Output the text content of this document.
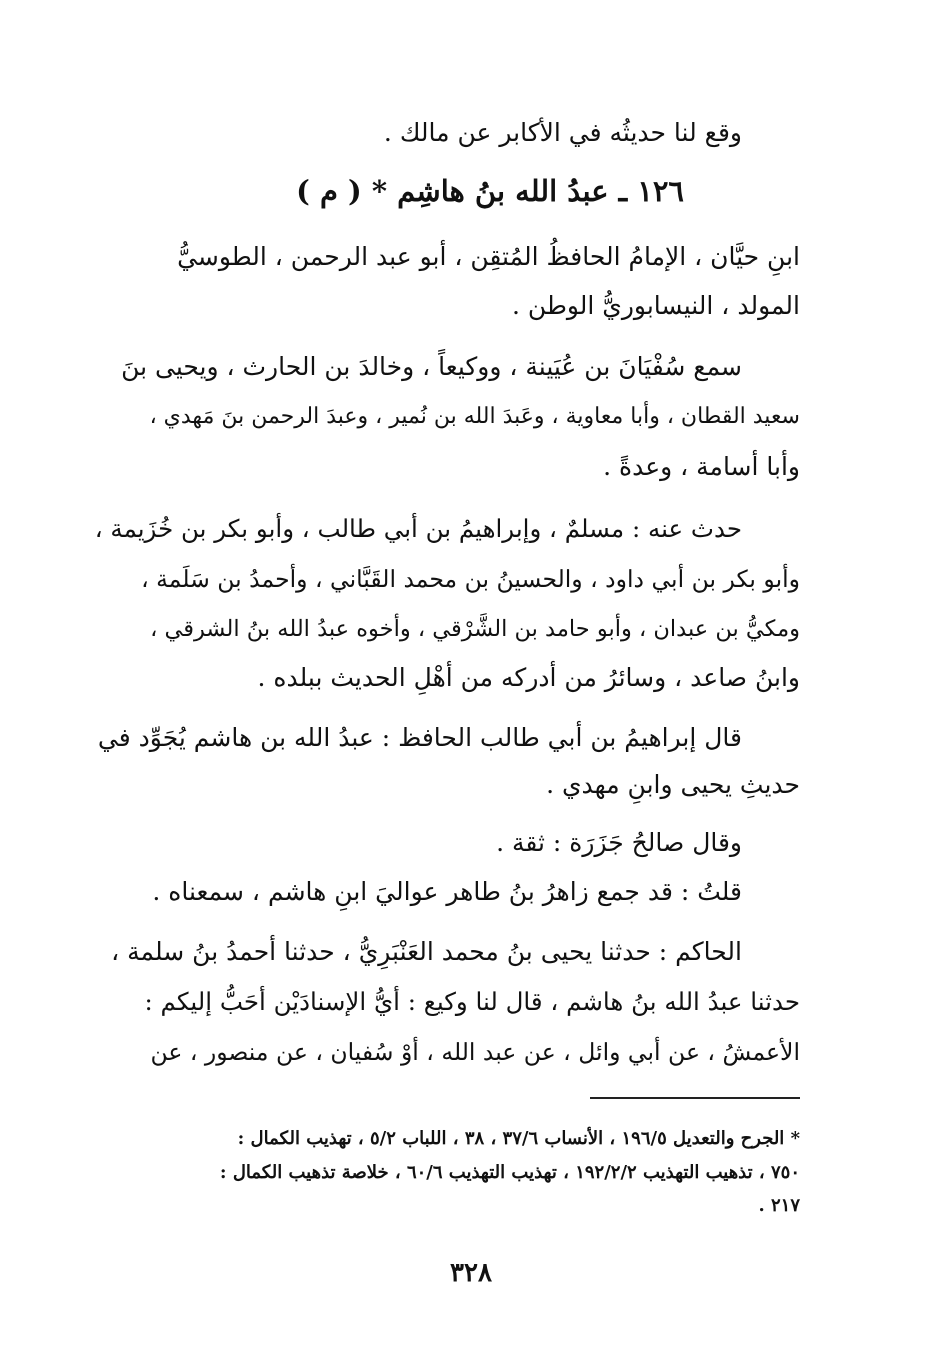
وقع لنا حديثُه في الأكابر عن مالك .
١٢٦ ـ عبدُ الله بنُ هاشِم * ( م )
ابنِ حيَّان ، الإمامُ الحافظُ المُتقِن ، أبو عبد الرحمن ، الطوسيُّ
المولد ، النيسابوريُّ الوطن .
سمع سُفْيَانَ بن عُيَينة ، ووكيعاً ، وخالدَ بن الحارث ، ويحيى بنَ
سعيد القطان ، وأبا معاوية ، وعَبدَ الله بن نُمير ، وعبدَ الرحمن بنَ مَهدي ،
وأبا أسامة ، وعدةً .
حدث عنه : مسلمٌ ، وإبراهيمُ بن أبي طالب ، وأبو بكر بن خُزَيمة ،
وأبو بكر بن أبي داود ، والحسينُ بن محمد القَبَّاني ، وأحمدُ بن سَلَمة ،
ومكيُّ بن عبدان ، وأبو حامد بن الشَّرْقي ، وأخوه عبدُ الله بنُ الشرقي ،
وابنُ صاعد ، وسائرُ من أدركه من أهْلِ الحديث ببلده .
قال إبراهيمُ بن أبي طالب الحافظ : عبدُ الله بن هاشم يُجَوِّد في
حديثِ يحيى وابنِ مهدي .
وقال صالحُ جَزَرَة : ثقة .
قلتُ : قد جمع زاهرُ بنُ طاهر عواليَ ابنِ هاشم ، سمعناه .
الحاكم : حدثنا يحيى بنُ محمد العَنْبَرِيُّ ، حدثنا أحمدُ بنُ سلمة ،
حدثنا عبدُ الله بنُ هاشم ، قال لنا وكيع : أيُّ الإسنادَيْن أحَبُّ إليكم :
الأعمشُ ، عن أبي وائل ، عن عبد الله ، أوْ سُفيان ، عن منصور ، عن
* الجرح والتعديل ١٩٦/٥ ، الأنساب ٣٧/٦ ، ٣٨ ، اللباب ٥/٢ ، تهذيب الكمال :
٧٥٠ ، تذهيب التهذيب ١٩٢/٢/٢ ، تهذيب التهذيب ٦٠/٦ ، خلاصة تذهيب الكمال :
٢١٧ .
٣٢٨
